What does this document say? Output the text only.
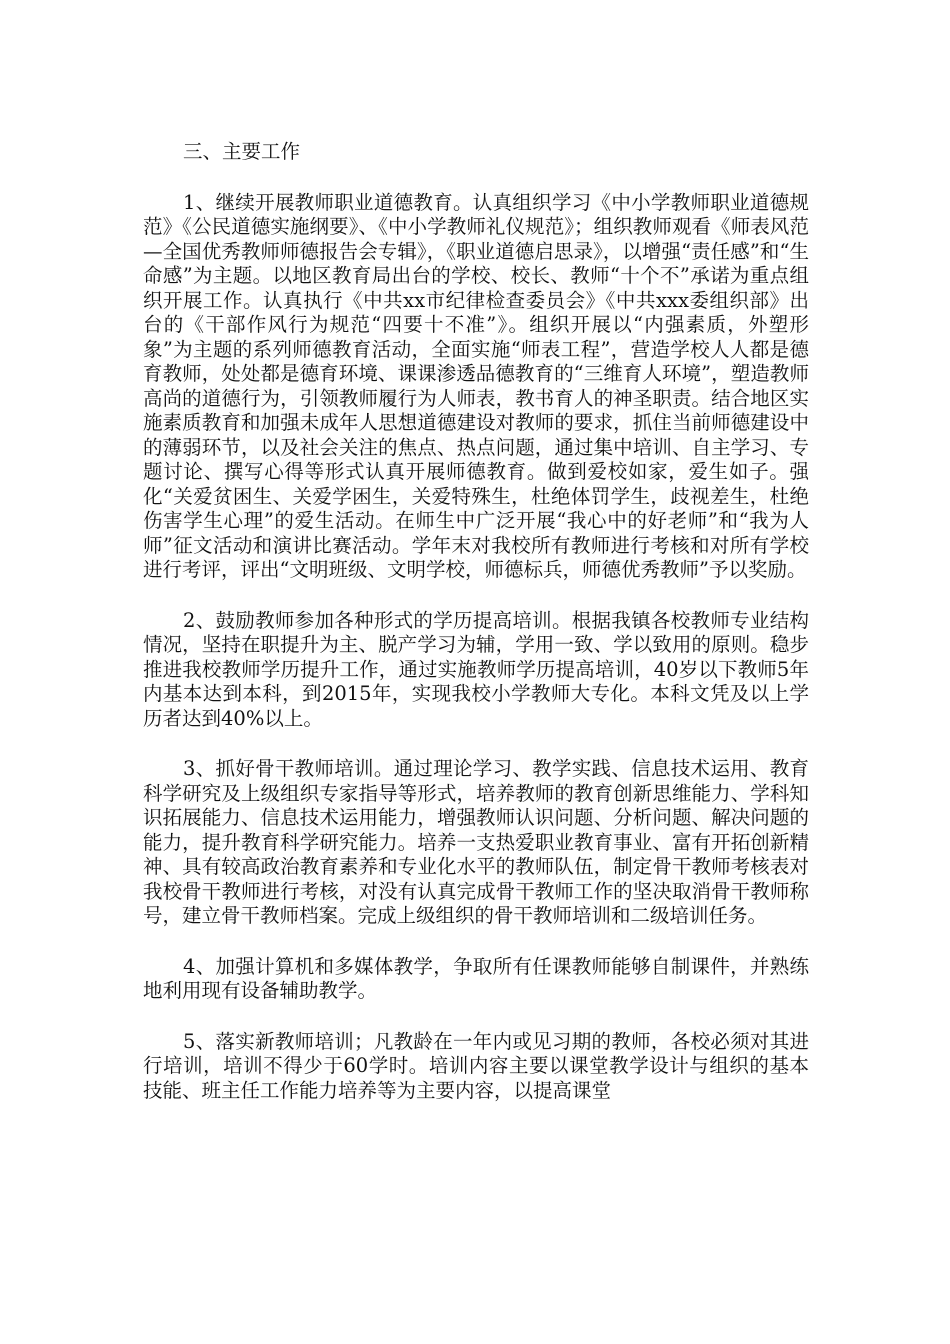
三、主要工作

1、继续开展教师职业道德教育。认真组织学习《中小学教师职业道德规范》《公民道德实施纲要》、《中小学教师礼仪规范》；组织教师观看《师表风范—全国优秀教师师德报告会专辑》，《职业道德启思录》，以增强“责任感”和“生命感”为主题。以地区教育局出台的学校、校长、教师“十个不”承诺为重点组织开展工作。认真执行《中共xx市纪律检查委员会》《中共xxx委组织部》出台的《干部作风行为规范“四要十不准”》。组织开展以“内强素质，外塑形象”为主题的系列师德教育活动，全面实施“师表工程”，营造学校人人都是德育教师，处处都是德育环境、课课渗透品德教育的“三维育人环境”，塑造教师高尚的道德行为，引领教师履行为人师表，教书育人的神圣职责。结合地区实施素质教育和加强未成年人思想道德建设对教师的要求，抓住当前师德建设中的薄弱环节，以及社会关注的焦点、热点问题，通过集中培训、自主学习、专题讨论、撰写心得等形式认真开展师德教育。做到爱校如家，爱生如子。强化“关爱贫困生、关爱学困生，关爱特殊生，杜绝体罚学生，歧视差生，杜绝伤害学生心理”的爱生活动。在师生中广泛开展“我心中的好老师”和“我为人师”征文活动和演讲比赛活动。学年末对我校所有教师进行考核和对所有学校进行考评，评出“文明班级、文明学校，师德标兵，师德优秀教师”予以奖励。

2、鼓励教师参加各种形式的学历提高培训。根据我镇各校教师专业结构情况，坚持在职提升为主、脱产学习为辅，学用一致、学以致用的原则。稳步推进我校教师学历提升工作，通过实施教师学历提高培训，40岁以下教师5年内基本达到本科，到2015年，实现我校小学教师大专化。本科文凭及以上学历者达到40%以上。

3、抓好骨干教师培训。通过理论学习、教学实践、信息技术运用、教育科学研究及上级组织专家指导等形式，培养教师的教育创新思维能力、学科知识拓展能力、信息技术运用能力，增强教师认识问题、分析问题、解决问题的能力，提升教育科学研究能力。培养一支热爱职业教育事业、富有开拓创新精神、具有较高政治教育素养和专业化水平的教师队伍，制定骨干教师考核表对我校骨干教师进行考核，对没有认真完成骨干教师工作的坚决取消骨干教师称号，建立骨干教师档案。完成上级组织的骨干教师培训和二级培训任务。

4、加强计算机和多媒体教学，争取所有任课教师能够自制课件，并熟练地利用现有设备辅助教学。

5、落实新教师培训；凡教龄在一年内或见习期的教师，各校必须对其进行培训，培训不得少于60学时。培训内容主要以课堂教学设计与组织的基本技能、班主任工作能力培养等为主要内容，以提高课堂
